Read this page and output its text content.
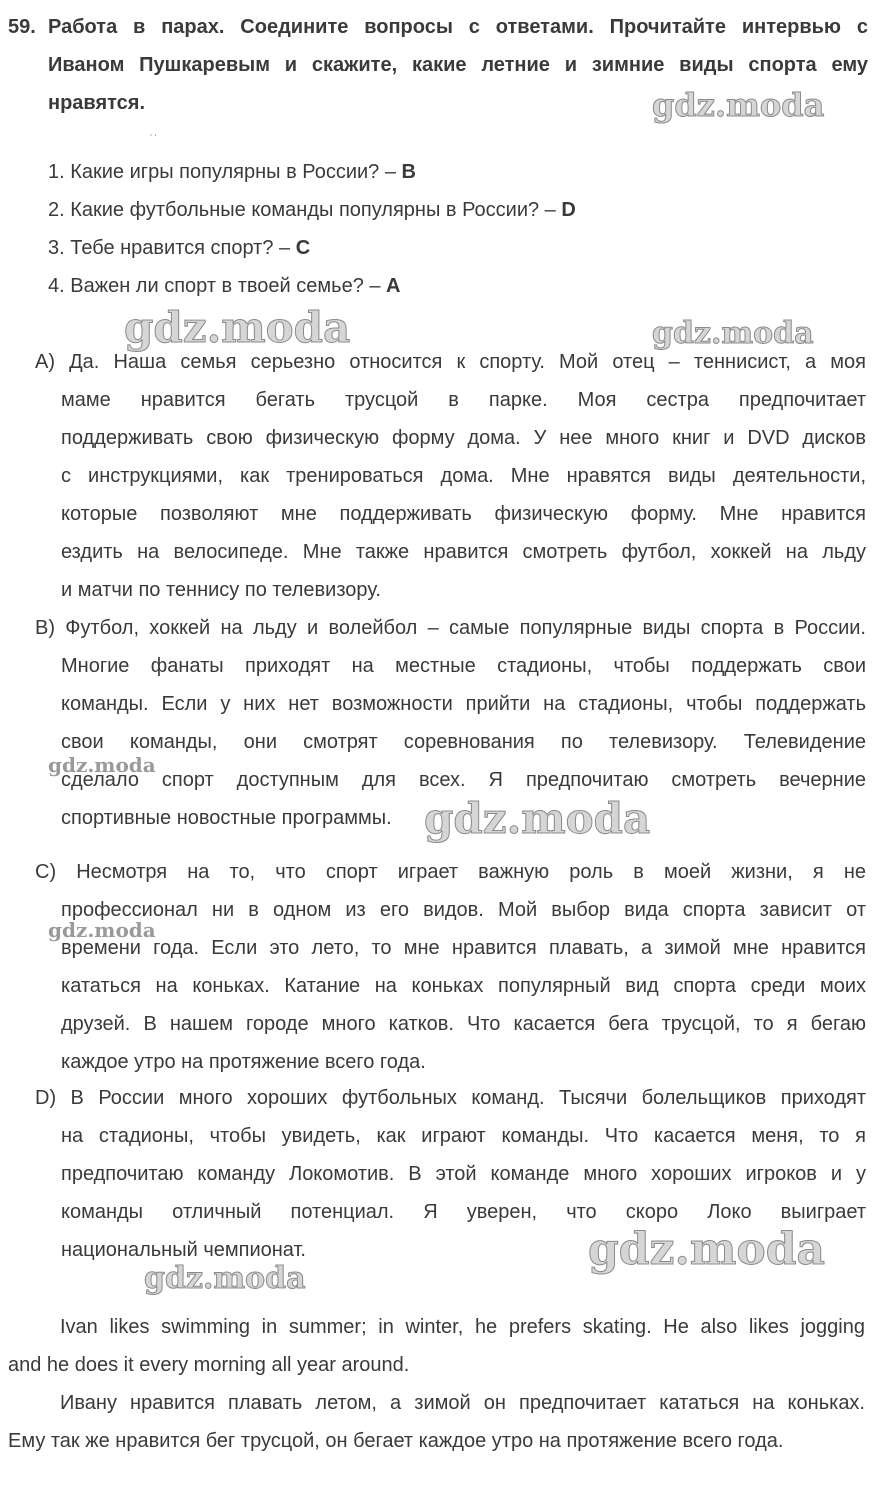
59. Работа в парах. Соедините вопросы с ответами. Прочитайте интервью с
Иваном Пушкаревым и скажите, какие летние и зимние виды спорта ему
нравятся.
' '
1. Какие игры популярны в России? – B
2. Какие футбольные команды популярны в России? – D
3. Тебе нравится спорт? – C
4. Важен ли спорт в твоей семье? – A
A) Да. Наша семья серьезно относится к спорту. Мой отец – теннисист, а моя
маме нравится бегать трусцой в парке. Моя сестра предпочитает
поддерживать свою физическую форму дома. У нее много книг и DVD дисков
с инструкциями, как тренироваться дома. Мне нравятся виды деятельности,
которые позволяют мне поддерживать физическую форму. Мне нравится
ездить на велосипеде. Мне также нравится смотреть футбол, хоккей на льду
и матчи по теннису по телевизору.
B) Футбол, хоккей на льду и волейбол – самые популярные виды спорта в России.
Многие фанаты приходят на местные стадионы, чтобы поддержать свои
команды. Если у них нет возможности прийти на стадионы, чтобы поддержать
свои команды, они смотрят соревнования по телевизору. Телевидение
сделало спорт доступным для всех. Я предпочитаю смотреть вечерние
спортивные новостные программы.
C) Несмотря на то, что спорт играет важную роль в моей жизни, я не
профессионал ни в одном из его видов. Мой выбор вида спорта зависит от
времени года. Если это лето, то мне нравится плавать, а зимой мне нравится
кататься на коньках. Катание на коньках популярный вид спорта среди моих
друзей. В нашем городе много катков. Что касается бега трусцой, то я бегаю
каждое утро на протяжение всего года.
D) В России много хороших футбольных команд. Тысячи болельщиков приходят
на стадионы, чтобы увидеть, как играют команды. Что касается меня, то я
предпочитаю команду Локомотив. В этой команде много хороших игроков и у
команды отличный потенциал. Я уверен, что скоро Локо выиграет
национальный чемпионат.
Ivan likes swimming in summer; in winter, he prefers skating. He also likes jogging
and he does it every morning all year around.
Ивану нравится плавать летом, а зимой он предпочитает кататься на коньках.
Ему так же нравится бег трусцой, он бегает каждое утро на протяжение всего года.
gdz.moda
gdz.moda	gdz.moda
gdz.moda
gdz.moda
gdz.moda
gdz.moda
gdz.moda
